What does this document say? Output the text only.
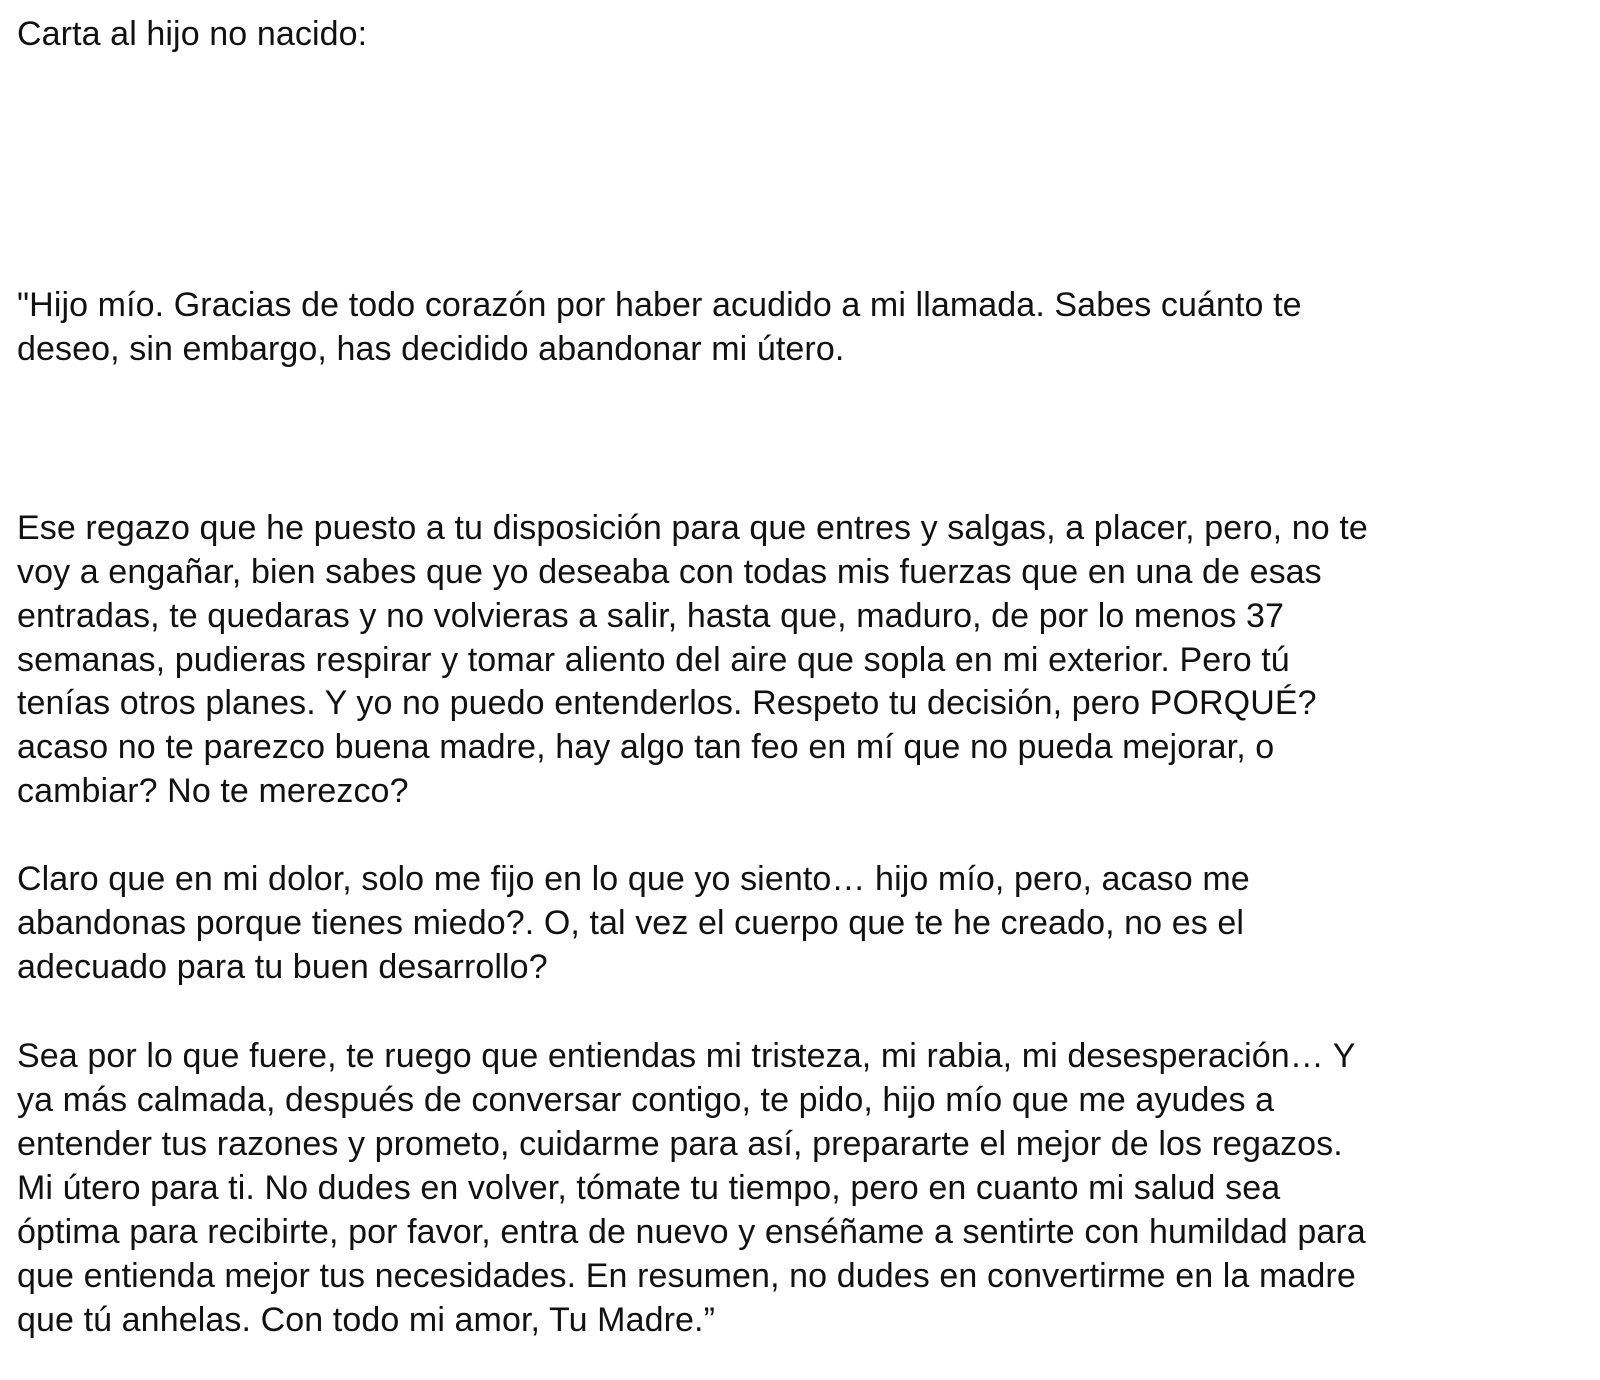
Carta al hijo no nacido:

"Hijo mío. Gracias de todo corazón por haber acudido a mi llamada. Sabes cuánto te

deseo, sin embargo, has decidido abandonar mi útero.

Ese regazo que he puesto a tu disposición para que entres y salgas, a placer, pero, no te

voy a engañar, bien sabes que yo deseaba con todas mis fuerzas que en una de esas

entradas, te quedaras y no volvieras a salir, hasta que, maduro, de por lo menos 37

semanas, pudieras respirar y tomar aliento del aire que sopla en mi exterior. Pero tú

tenías otros planes. Y yo no puedo entenderlos. Respeto tu decisión, pero PORQUÉ?

acaso no te parezco buena madre, hay algo tan feo en mí que no pueda mejorar, o

cambiar? No te merezco?

Claro que en mi dolor, solo me fijo en lo que yo siento… hijo mío, pero, acaso me

abandonas porque tienes miedo?. O, tal vez el cuerpo que te he creado, no es el

adecuado para tu buen desarrollo?

Sea por lo que fuere, te ruego que entiendas mi tristeza, mi rabia, mi desesperación… Y

ya más calmada, después de conversar contigo, te pido, hijo mío que me ayudes a

entender tus razones y prometo, cuidarme para así, prepararte el mejor de los regazos.

Mi útero para ti. No dudes en volver, tómate tu tiempo, pero en cuanto mi salud sea

óptima para recibirte, por favor, entra de nuevo y enséñame a sentirte con humildad para

que entienda mejor tus necesidades. En resumen, no dudes en convertirme en la madre

que tú anhelas. Con todo mi amor, Tu Madre.”
